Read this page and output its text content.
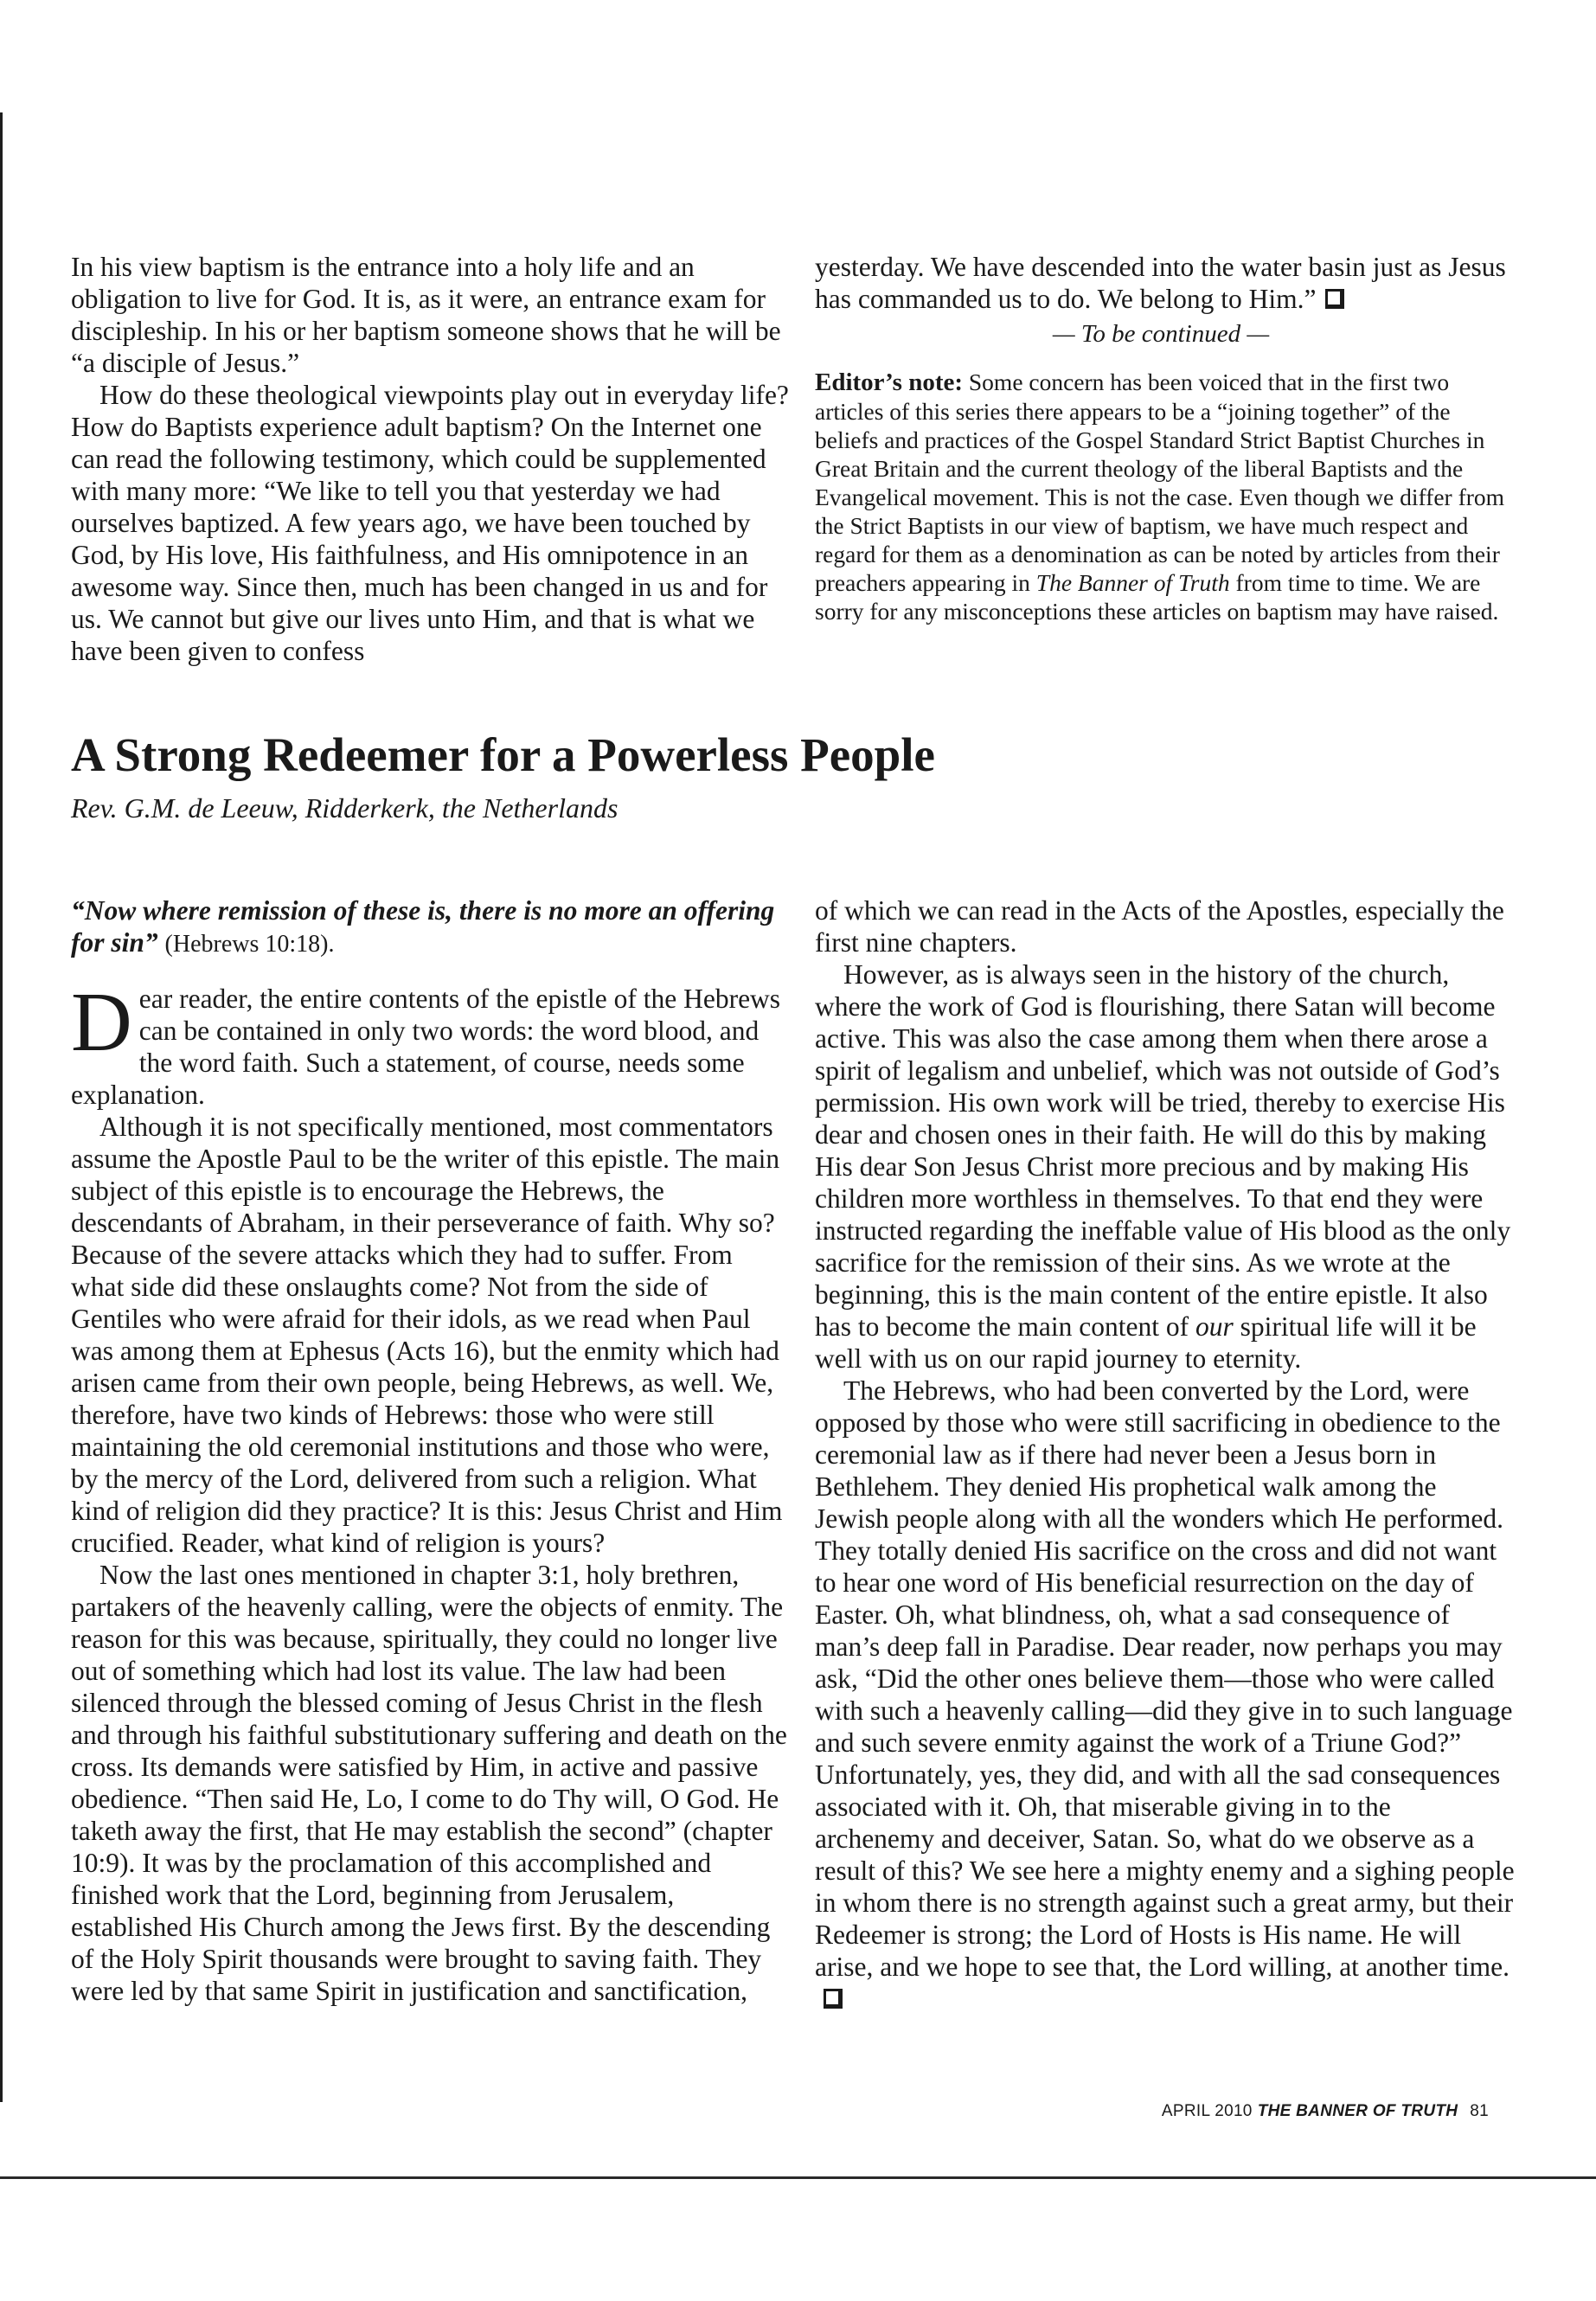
In his view baptism is the entrance into a holy life and an obligation to live for God. It is, as it were, an entrance exam for discipleship. In his or her baptism someone shows that he will be “a disciple of Jesus.”

How do these theological viewpoints play out in everyday life? How do Baptists experience adult baptism? On the Internet one can read the following testimony, which could be supplemented with many more: “We like to tell you that yesterday we had ourselves baptized. A few years ago, we have been touched by God, by His love, His faithfulness, and His omnipotence in an awesome way. Since then, much has been changed in us and for us. We cannot but give our lives unto Him, and that is what we have been given to confess

yesterday. We have descended into the water basin just as Jesus has commanded us to do. We belong to Him.”

— To be continued —

Editor’s note: Some concern has been voiced that in the first two articles of this series there appears to be a “joining together” of the beliefs and practices of the Gospel Standard Strict Baptist Churches in Great Britain and the current theology of the liberal Baptists and the Evangelical movement. This is not the case. Even though we differ from the Strict Baptists in our view of baptism, we have much respect and regard for them as a denomination as can be noted by articles from their preachers appearing in The Banner of Truth from time to time. We are sorry for any misconceptions these articles on baptism may have raised.

A Strong Redeemer for a Powerless People

Rev. G.M. de Leeuw, Ridderkerk, the Netherlands

“Now where remission of these is, there is no more an offering for sin” (Hebrews 10:18).

Dear reader, the entire contents of the epistle of the Hebrews can be contained in only two words: the word blood, and the word faith. Such a statement, of course, needs some explanation.

Although it is not specifically mentioned, most commentators assume the Apostle Paul to be the writer of this epistle. The main subject of this epistle is to encourage the Hebrews, the descendants of Abraham, in their perseverance of faith. Why so? Because of the severe attacks which they had to suffer. From what side did these onslaughts come? Not from the side of Gentiles who were afraid for their idols, as we read when Paul was among them at Ephesus (Acts 16), but the enmity which had arisen came from their own people, being Hebrews, as well. We, therefore, have two kinds of Hebrews: those who were still maintaining the old ceremonial institutions and those who were, by the mercy of the Lord, delivered from such a religion. What kind of religion did they practice? It is this: Jesus Christ and Him crucified. Reader, what kind of religion is yours?

Now the last ones mentioned in chapter 3:1, holy brethren, partakers of the heavenly calling, were the objects of enmity. The reason for this was because, spiritually, they could no longer live out of something which had lost its value. The law had been silenced through the blessed coming of Jesus Christ in the flesh and through his faithful substitutionary suffering and death on the cross. Its demands were satisfied by Him, in active and passive obedience. “Then said He, Lo, I come to do Thy will, O God. He taketh away the first, that He may establish the second” (chapter 10:9). It was by the proclamation of this accomplished and finished work that the Lord, beginning from Jerusalem, established His Church among the Jews first. By the descending of the Holy Spirit thousands were brought to saving faith. They were led by that same Spirit in justification and sanctification,

of which we can read in the Acts of the Apostles, especially the first nine chapters.

However, as is always seen in the history of the church, where the work of God is flourishing, there Satan will become active. This was also the case among them when there arose a spirit of legalism and unbelief, which was not outside of God’s permission. His own work will be tried, thereby to exercise His dear and chosen ones in their faith. He will do this by making His dear Son Jesus Christ more precious and by making His children more worthless in themselves. To that end they were instructed regarding the ineffable value of His blood as the only sacrifice for the remission of their sins. As we wrote at the beginning, this is the main content of the entire epistle. It also has to become the main content of our spiritual life will it be well with us on our rapid journey to eternity.

The Hebrews, who had been converted by the Lord, were opposed by those who were still sacrificing in obedience to the ceremonial law as if there had never been a Jesus born in Bethlehem. They denied His prophetical walk among the Jewish people along with all the wonders which He performed. They totally denied His sacrifice on the cross and did not want to hear one word of His beneficial resurrection on the day of Easter. Oh, what blindness, oh, what a sad consequence of man’s deep fall in Paradise. Dear reader, now perhaps you may ask, “Did the other ones believe them—those who were called with such a heavenly calling—did they give in to such language and such severe enmity against the work of a Triune God?” Unfortunately, yes, they did, and with all the sad consequences associated with it. Oh, that miserable giving in to the archenemy and deceiver, Satan. So, what do we observe as a result of this? We see here a mighty enemy and a sighing people in whom there is no strength against such a great army, but their Redeemer is strong; the Lord of Hosts is His name. He will arise, and we hope to see that, the Lord willing, at another time.

APRIL 2010 THE BANNER OF TRUTH 81
